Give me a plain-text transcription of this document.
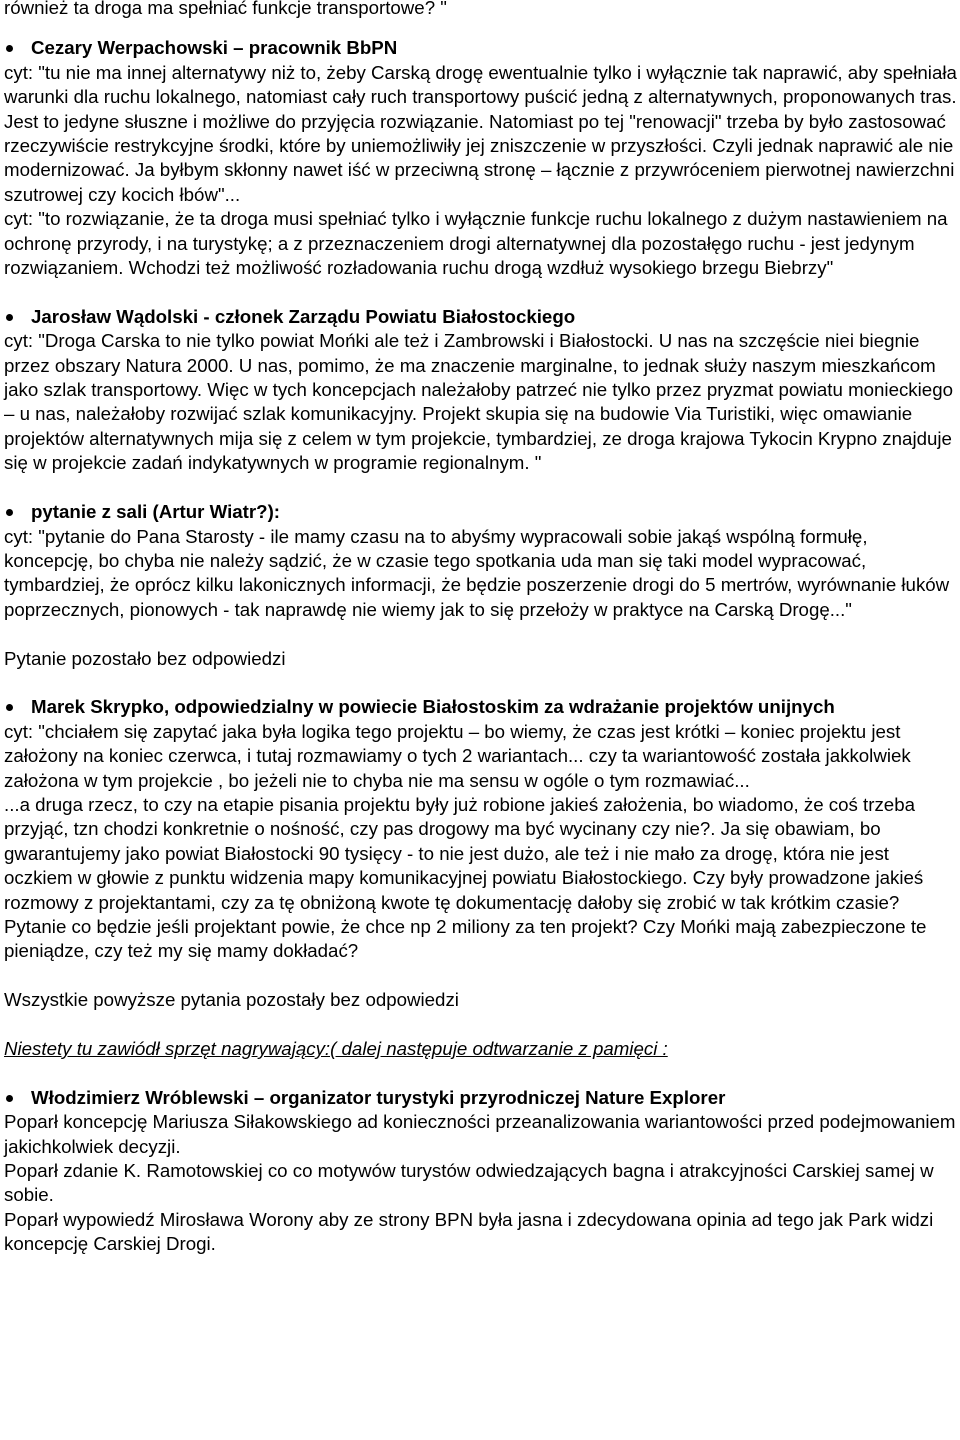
również ta droga ma spełniać funkcje transportowe? "

Cezary Werpachowski – pracownik BbPN

cyt: "tu nie ma innej alternatywy niż to, żeby Carską drogę ewentualnie tylko i wyłącznie tak naprawić, aby spełniała warunki dla ruchu lokalnego, natomiast cały ruch transportowy puścić jedną z alternatywnych, proponowanych tras. Jest to jedyne słuszne i możliwe do przyjęcia rozwiązanie. Natomiast po tej "renowacji" trzeba by było zastosować rzeczywiście restrykcyjne środki, które by uniemożliwiły jej zniszczenie w przyszłości. Czyli jednak naprawić ale nie modernizować. Ja byłbym skłonny nawet iść w przeciwną stronę – łącznie z przywróceniem pierwotnej nawierzchni szutrowej czy kocich łbów"...

cyt: "to rozwiązanie, że ta droga musi spełniać tylko i wyłącznie funkcje ruchu lokalnego z dużym nastawieniem na ochronę przyrody, i na turystykę; a z przeznaczeniem drogi alternatywnej dla pozostałęgo ruchu - jest jedynym rozwiązaniem. Wchodzi też możliwość rozładowania ruchu drogą wzdłuż wysokiego brzegu Biebrzy"

Jarosław Wądolski - członek Zarządu Powiatu Białostockiego

cyt: "Droga Carska to nie tylko powiat Mońki ale też i Zambrowski i Białostocki. U nas na szczęście niei biegnie przez obszary Natura 2000. U nas, pomimo, że ma znaczenie marginalne, to jednak służy naszym mieszkańcom jako szlak transportowy. Więc w tych koncepcjach należałoby patrzeć nie tylko przez pryzmat powiatu monieckiego – u nas, należałoby rozwijać szlak komunikacyjny. Projekt skupia się na budowie Via Turistiki, więc omawianie projektów alternatywnych mija się z celem w tym projekcie, tymbardziej, ze droga krajowa Tykocin Krypno znajduje się w projekcie zadań indykatywnych w programie regionalnym. "

pytanie z sali (Artur Wiatr?):

cyt: "pytanie do Pana Starosty - ile mamy czasu na to abyśmy wypracowali sobie jakąś wspólną formułę, koncepcję, bo chyba nie należy sądzić, że w czasie tego spotkania uda man się taki model wypracować, tymbardziej, że oprócz kilku lakonicznych informacji, że będzie poszerzenie drogi do 5 mertrów, wyrównanie łuków poprzecznych, pionowych - tak naprawdę nie wiemy jak to się przełoży w praktyce na Carską Drogę..."

Pytanie pozostało bez odpowiedzi

Marek Skrypko, odpowiedzialny w powiecie Białostoskim za wdrażanie projektów unijnych

cyt: "chciałem się zapytać jaka była logika tego projektu – bo wiemy, że czas jest krótki – koniec projektu jest założony na koniec czerwca, i tutaj rozmawiamy o tych 2 wariantach... czy ta wariantowość została jakkolwiek założona w tym projekcie , bo jeżeli nie to chyba nie ma sensu w ogóle o tym rozmawiać...

...a druga rzecz, to czy na etapie pisania projektu były już robione jakieś założenia, bo wiadomo, że coś trzeba przyjąć, tzn chodzi konkretnie o nośność, czy pas drogowy ma być wycinany czy nie?. Ja się obawiam, bo gwarantujemy jako powiat Białostocki 90 tysięcy - to nie jest dużo, ale też i nie mało za drogę, która nie jest oczkiem w głowie z punktu widzenia mapy komunikacyjnej powiatu Białostockiego. Czy były prowadzone jakieś rozmowy z projektantami, czy za tę obniżoną kwote tę dokumentację dałoby się zrobić w tak krótkim czasie? Pytanie co będzie jeśli projektant powie, że chce np 2 miliony za ten projekt? Czy Mońki mają zabezpieczone te pieniądze, czy też my się mamy dokładać?

Wszystkie powyższe pytania pozostały bez odpowiedzi

Niestety tu zawiódł sprzęt nagrywający:( dalej następuje odtwarzanie z pamięci :

Włodzimierz Wróblewski – organizator turystyki przyrodniczej Nature Explorer

Poparł koncepcję Mariusza Siłakowskiego ad konieczności przeanalizowania wariantowości przed podejmowaniem jakichkolwiek decyzji.

Poparł zdanie K. Ramotowskiej co co motywów turystów odwiedzających bagna i atrakcyjności Carskiej samej w sobie.

Poparł wypowiedź Mirosława Worony aby ze strony BPN była jasna i zdecydowana opinia ad tego jak Park widzi koncepcję Carskiej Drogi.
